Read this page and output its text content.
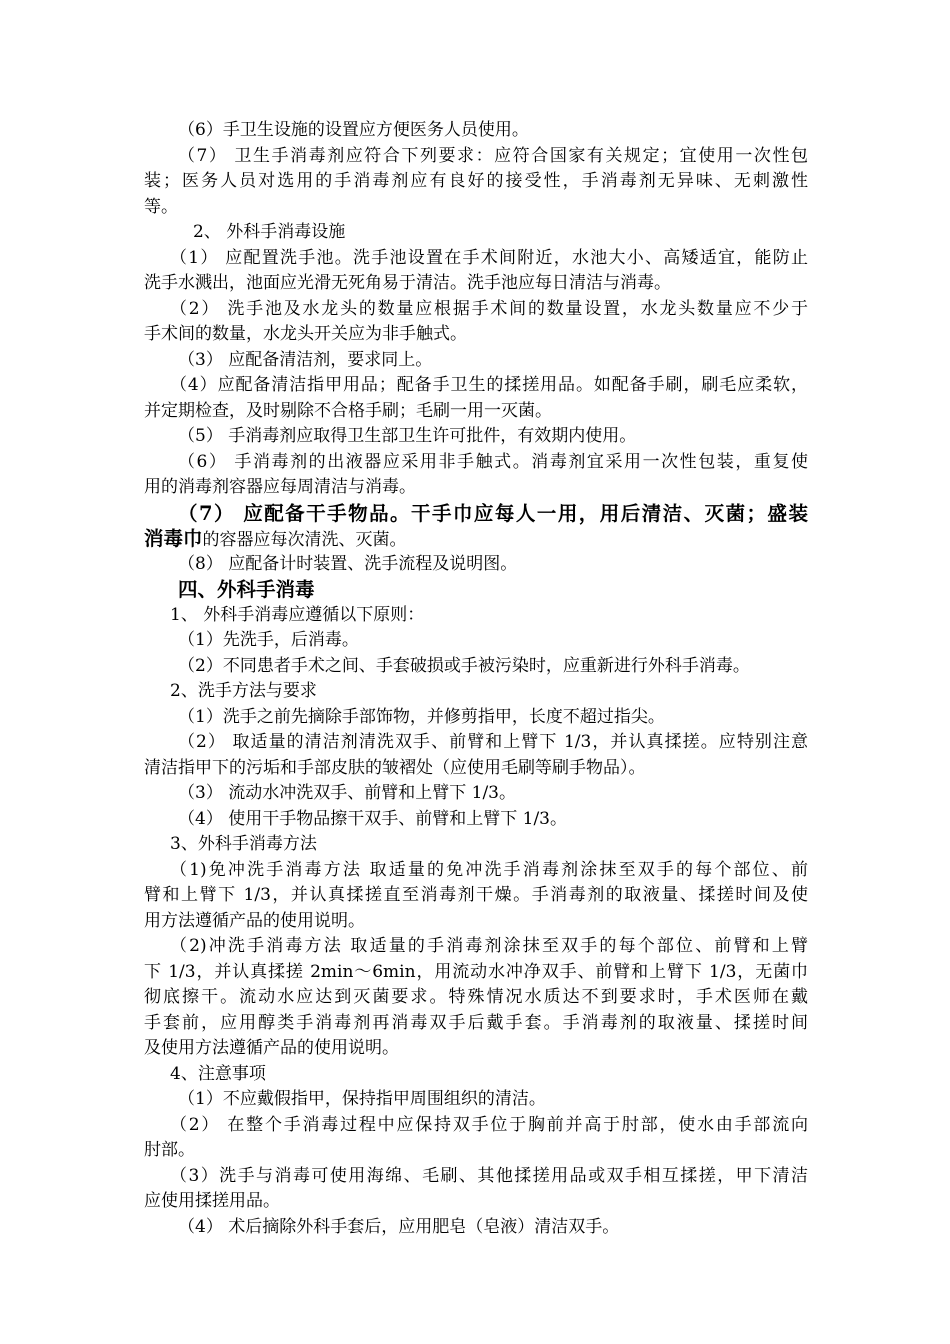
（6）手卫生设施的设置应方便医务人员使用。
（7） 卫生手消毒剂应符合下列要求：应符合国家有关规定；宜使用一次性包
装；医务人员对选用的手消毒剂应有良好的接受性，手消毒剂无异味、无刺激性
等。
2、 外科手消毒设施
（1） 应配置洗手池。洗手池设置在手术间附近，水池大小、高矮适宜，能防止
洗手水溅出，池面应光滑无死角易于清洁。洗手池应每日清洁与消毒。
（2） 洗手池及水龙头的数量应根据手术间的数量设置，水龙头数量应不少于
手术间的数量，水龙头开关应为非手触式。
（3） 应配备清洁剂，要求同上。
（4）应配备清洁指甲用品；配备手卫生的揉搓用品。如配备手刷，刷毛应柔软，
并定期检查，及时剔除不合格手刷；毛刷一用一灭菌。
（5） 手消毒剂应取得卫生部卫生许可批件，有效期内使用。
（6） 手消毒剂的出液器应采用非手触式。消毒剂宜采用一次性包装，重复使
用的消毒剂容器应每周清洁与消毒。
（7） 应配备干手物品。干手巾应每人一用，用后清洁、灭菌；盛装
消毒巾的容器应每次清洗、灭菌。
（8） 应配备计时装置、洗手流程及说明图。
四、外科手消毒
1、 外科手消毒应遵循以下原则：
（1）先洗手，后消毒。
（2）不同患者手术之间、手套破损或手被污染时，应重新进行外科手消毒。
2、洗手方法与要求
（1）洗手之前先摘除手部饰物，并修剪指甲，长度不超过指尖。
（2） 取适量的清洁剂清洗双手、前臂和上臂下 1/3，并认真揉搓。应特别注意
清洁指甲下的污垢和手部皮肤的皱褶处（应使用毛刷等刷手物品）。
（3） 流动水冲洗双手、前臂和上臂下 1/3。
（4） 使用干手物品擦干双手、前臂和上臂下 1/3。
3、外科手消毒方法
（1)免冲洗手消毒方法 取适量的免冲洗手消毒剂涂抹至双手的每个部位、前
臂和上臂下 1/3，并认真揉搓直至消毒剂干燥。手消毒剂的取液量、揉搓时间及使
用方法遵循产品的使用说明。
（2)冲洗手消毒方法 取适量的手消毒剂涂抹至双手的每个部位、前臂和上臂
下 1/3，并认真揉搓 2min～6min，用流动水冲净双手、前臂和上臂下 1/3，无菌巾
彻底擦干。流动水应达到灭菌要求。特殊情况水质达不到要求时，手术医师在戴
手套前，应用醇类手消毒剂再消毒双手后戴手套。手消毒剂的取液量、揉搓时间
及使用方法遵循产品的使用说明。
4、注意事项
（1）不应戴假指甲，保持指甲周围组织的清洁。
（2） 在整个手消毒过程中应保持双手位于胸前并高于肘部，使水由手部流向
肘部。
（3）洗手与消毒可使用海绵、毛刷、其他揉搓用品或双手相互揉搓，甲下清洁
应使用揉搓用品。
（4） 术后摘除外科手套后，应用肥皂（皂液）清洁双手。
